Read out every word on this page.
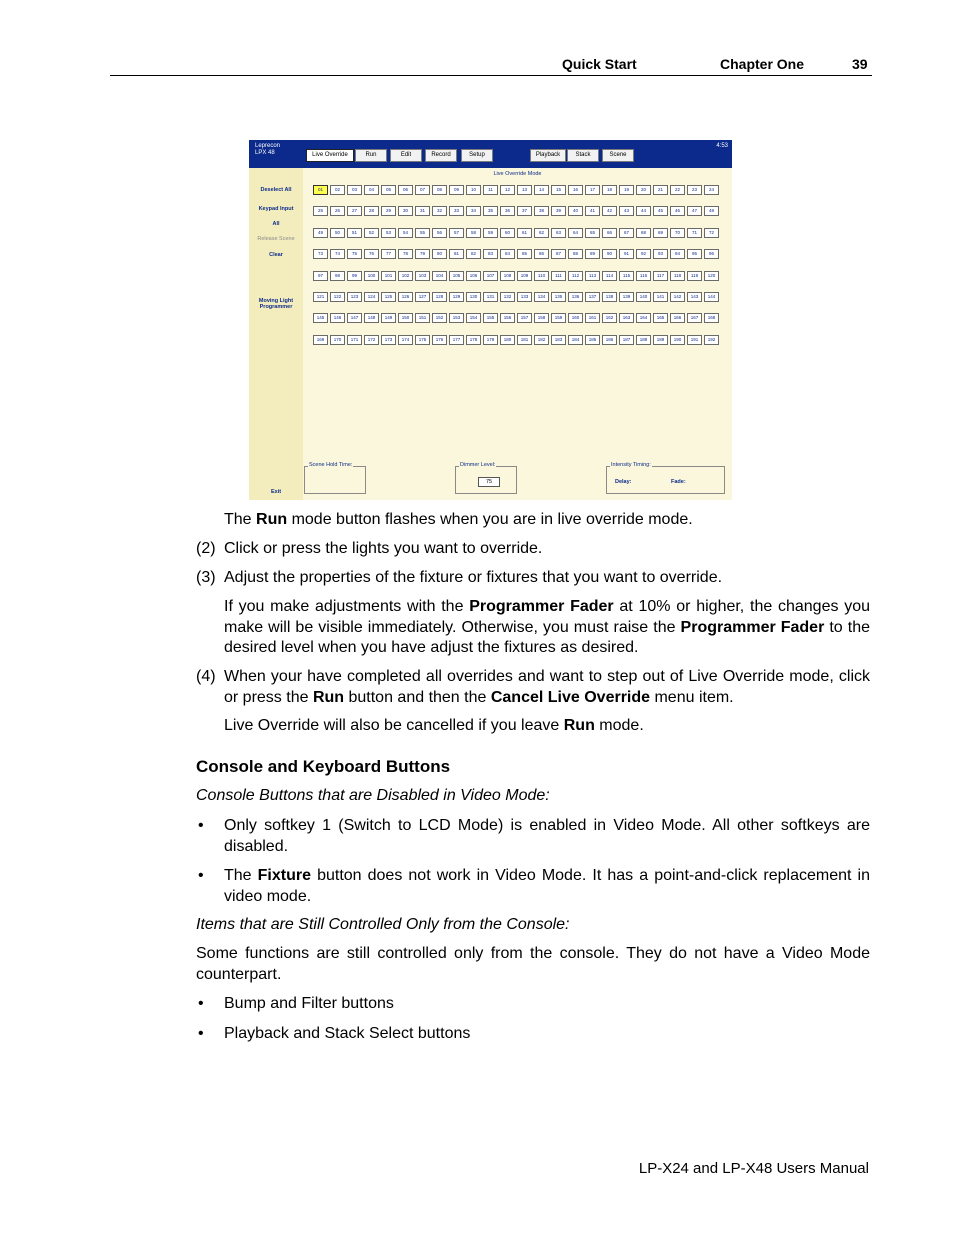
Quick Start	Chapter One	39
Leprecon
LPX 48	Live Override	Run	Edit	Record	Setup	Playback	Stack	Scene
4:53
Deselect All
Keypad Input
All
Release Scene
Clear
Moving Light
Programmer
Exit
Live Override Mode
01	02	03	04	05	06	07	08	09	10	11	12	13	14	15	16	17	18	19	20	21	22	23	24
25	26	27	28	29	30	31	32	33	34	35	36	37	38	39	40	41	42	43	44	45	46	47	48
49	50	51	52	53	54	55	56	57	58	59	60	61	62	63	64	65	66	67	68	69	70	71	72
73	74	75	76	77	78	79	80	81	82	83	84	85	86	87	88	89	90	91	92	93	94	95	96
97	98	99	100	101	102	103	104	105	106	107	108	109	110	111	112	113	114	115	116	117	118	119	120
121	122	123	124	125	126	127	128	129	130	131	132	133	134	135	136	137	138	139	140	141	142	143	144
145	146	147	148	149	150	151	152	153	154	155	156	157	158	159	160	161	162	163	164	165	166	167	168
169	170	171	172	173	174	175	176	177	178	179	180	181	182	183	184	185	186	187	188	189	190	191	192
Scene Hold Time:	Dimmer Level:
75
Intensity Timing:
Delay:	Fade:
The Run mode button flashes when you are in live override mode.
(2) Click or press the lights you want to override.
(3) Adjust the properties of the fixture or fixtures that you want to override.
If you make adjustments with the Programmer Fader at 10% or higher, the changes you make will be visible immediately. Otherwise, you must raise the Programmer Fader to the desired level when you have adjust the fixtures as desired.
(4) When your have completed all overrides and want to step out of Live Override mode, click or press the Run button and then the Cancel Live Override menu item.
Live Override will also be cancelled if you leave Run mode.
Console and Keyboard Buttons
Console Buttons that are Disabled in Video Mode:
• Only softkey 1 (Switch to LCD Mode) is enabled in Video Mode. All other softkeys are disabled.
• The Fixture button does not work in Video Mode. It has a point-and-click replacement in video mode.
Items that are Still Controlled Only from the Console:
Some functions are still controlled only from the console. They do not have a Video Mode counterpart.
• Bump and Filter buttons
• Playback and Stack Select buttons
LP-X24 and LP-X48 Users Manual
